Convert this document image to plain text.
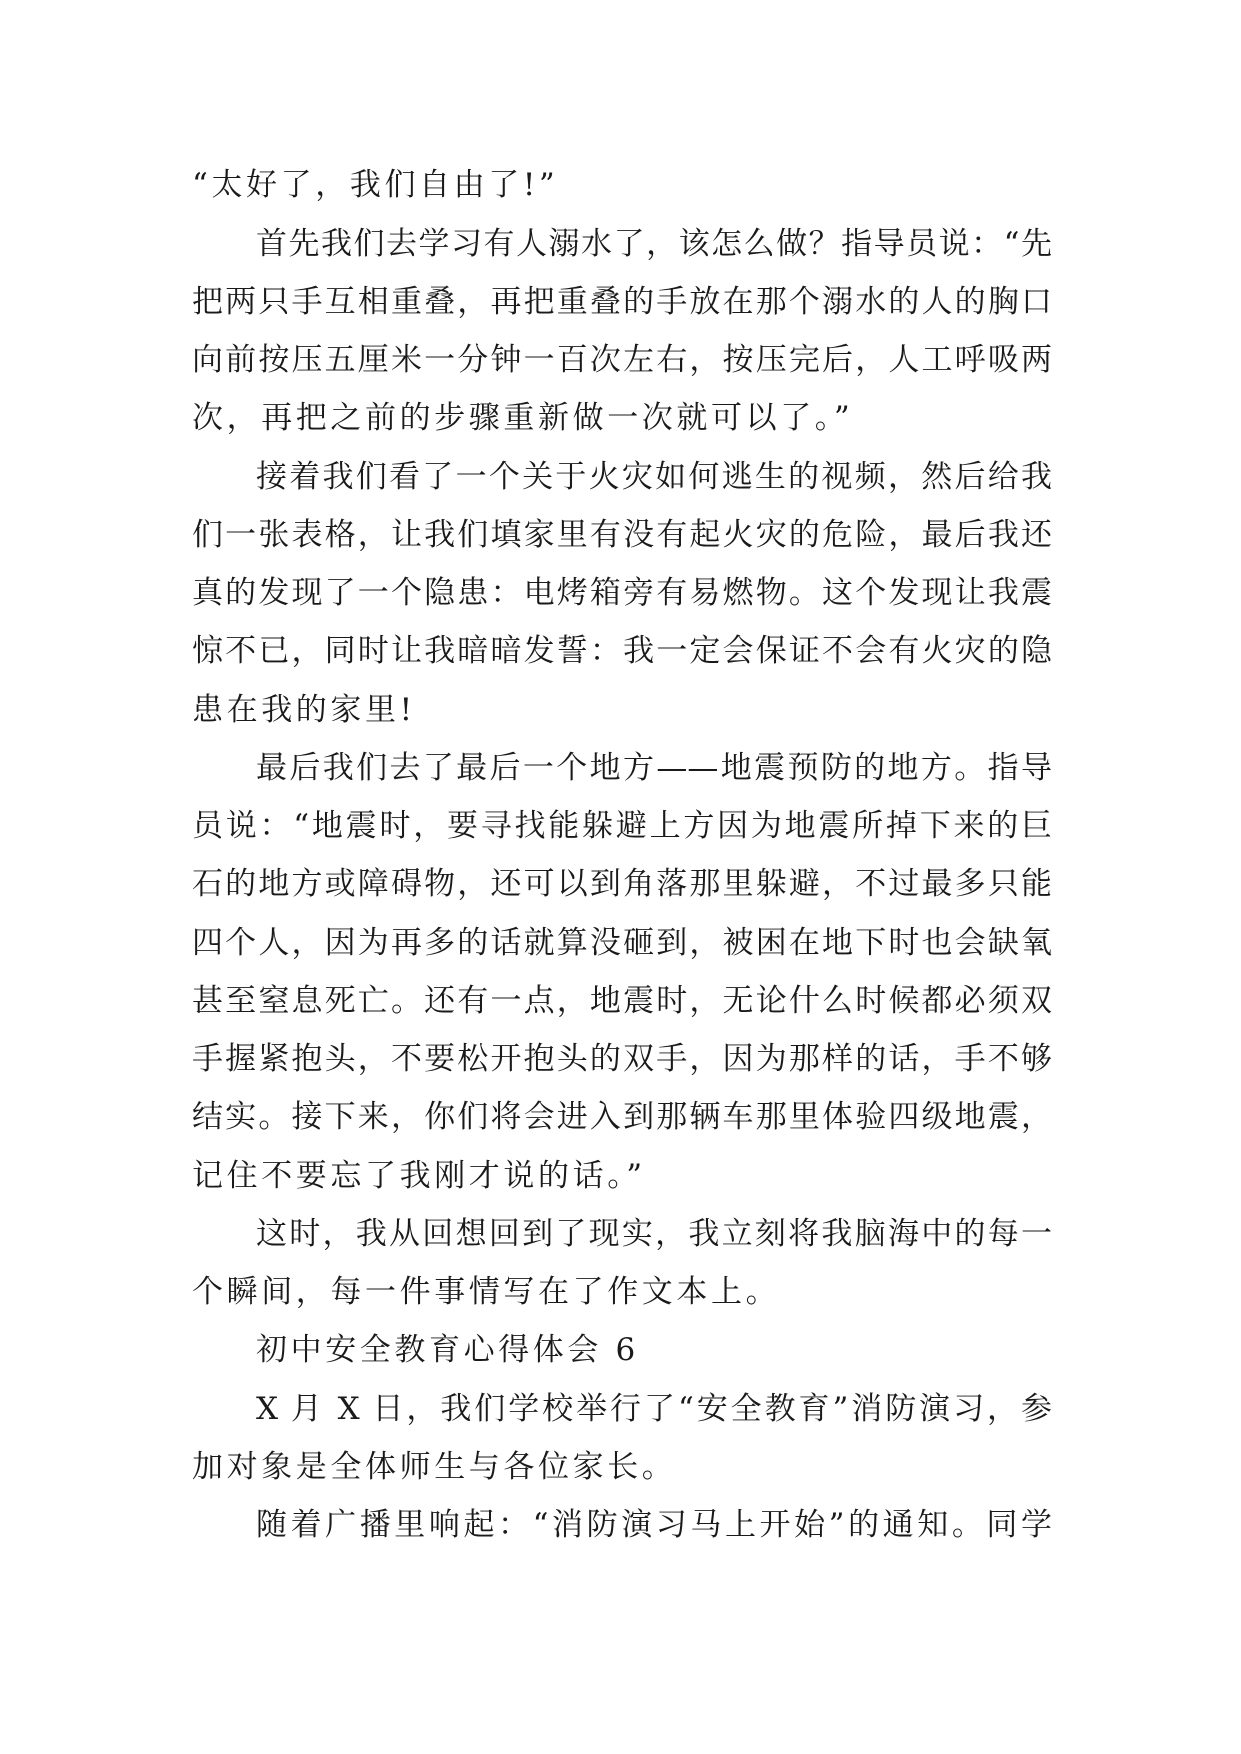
“太好了，我们自由了!”
首先我们去学习有人溺水了，该怎么做？指导员说：“先
把两只手互相重叠，再把重叠的手放在那个溺水的人的胸口
向前按压五厘米一分钟一百次左右，按压完后，人工呼吸两
次，再把之前的步骤重新做一次就可以了。”
接着我们看了一个关于火灾如何逃生的视频，然后给我
们一张表格，让我们填家里有没有起火灾的危险，最后我还
真的发现了一个隐患：电烤箱旁有易燃物。这个发现让我震
惊不已，同时让我暗暗发誓：我一定会保证不会有火灾的隐
患在我的家里!
最后我们去了最后一个地方——地震预防的地方。指导
员说：“地震时，要寻找能躲避上方因为地震所掉下来的巨
石的地方或障碍物，还可以到角落那里躲避，不过最多只能
四个人，因为再多的话就算没砸到，被困在地下时也会缺氧
甚至窒息死亡。还有一点，地震时，无论什么时候都必须双
手握紧抱头，不要松开抱头的双手，因为那样的话，手不够
结实。接下来，你们将会进入到那辆车那里体验四级地震，
记住不要忘了我刚才说的话。”
这时，我从回想回到了现实，我立刻将我脑海中的每一
个瞬间，每一件事情写在了作文本上。
初中安全教育心得体会 6
X 月 X 日，我们学校举行了“安全教育”消防演习，参
加对象是全体师生与各位家长。
随着广播里响起：“消防演习马上开始”的通知。同学
